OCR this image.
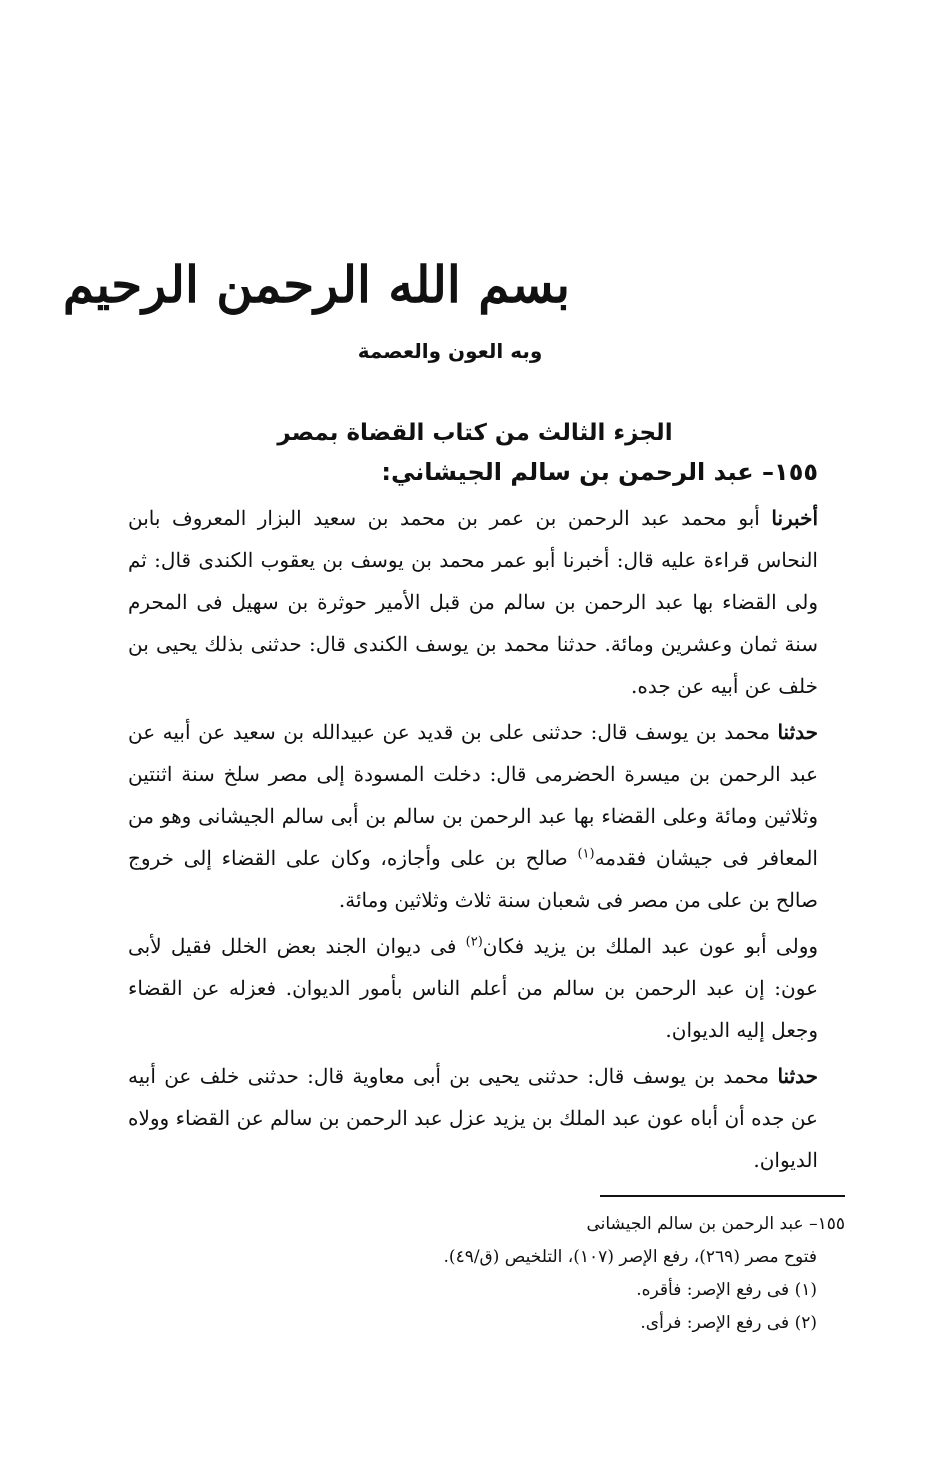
بسم الله الرحمن الرحيم
وبه العون والعصمة
الجزء الثالث من كتاب القضاة بمصر
١٥٥– عبد الرحمن بن سالم الجيشاني:

أخبرنا أبو محمد عبد الرحمن بن عمر بن محمد بن سعيد البزار المعروف بابن النحاس قراءة عليه قال: أخبرنا أبو عمر محمد بن يوسف بن يعقوب الكندى قال: ثم ولى القضاء بها عبد الرحمن بن سالم من قبل الأمير حوثرة بن سهيل فى المحرم سنة ثمان وعشرين ومائة. حدثنا محمد بن يوسف الكندى قال: حدثنى بذلك يحيى بن خلف عن أبيه عن جده.

حدثنا محمد بن يوسف قال: حدثنى على بن قديد عن عبيدالله بن سعيد عن أبيه عن عبد الرحمن بن ميسرة الحضرمى قال: دخلت المسودة إلى مصر سلخ سنة اثنتين وثلاثين ومائة وعلى القضاء بها عبد الرحمن بن سالم بن أبى سالم الجيشانى وهو من المعافر فى جيشان فقدمه$^{(١)}$ صالح بن على وأجازه، وكان على القضاء إلى خروج صالح بن على من مصر فى شعبان سنة ثلاث وثلاثين ومائة.

وولى أبو عون عبد الملك بن يزيد فكان$^{(٢)}$ فى ديوان الجند بعض الخلل فقيل لأبى عون: إن عبد الرحمن بن سالم من أعلم الناس بأمور الديوان. فعزله عن القضاء وجعل إليه الديوان.

حدثنا محمد بن يوسف قال: حدثنى يحيى بن أبى معاوية قال: حدثنى خلف عن أبيه عن جده أن أباه عون عبد الملك بن يزيد عزل عبد الرحمن بن سالم عن القضاء وولاه الديوان.

١٥٥– عبد الرحمن بن سالم الجيشانى
فتوح مصر (٢٦٩)، رفع الإصر (١٠٧)، التلخيص (ق/٤٩).
(١) فى رفع الإصر: فأقره.
(٢) فى رفع الإصر: فرأى.
